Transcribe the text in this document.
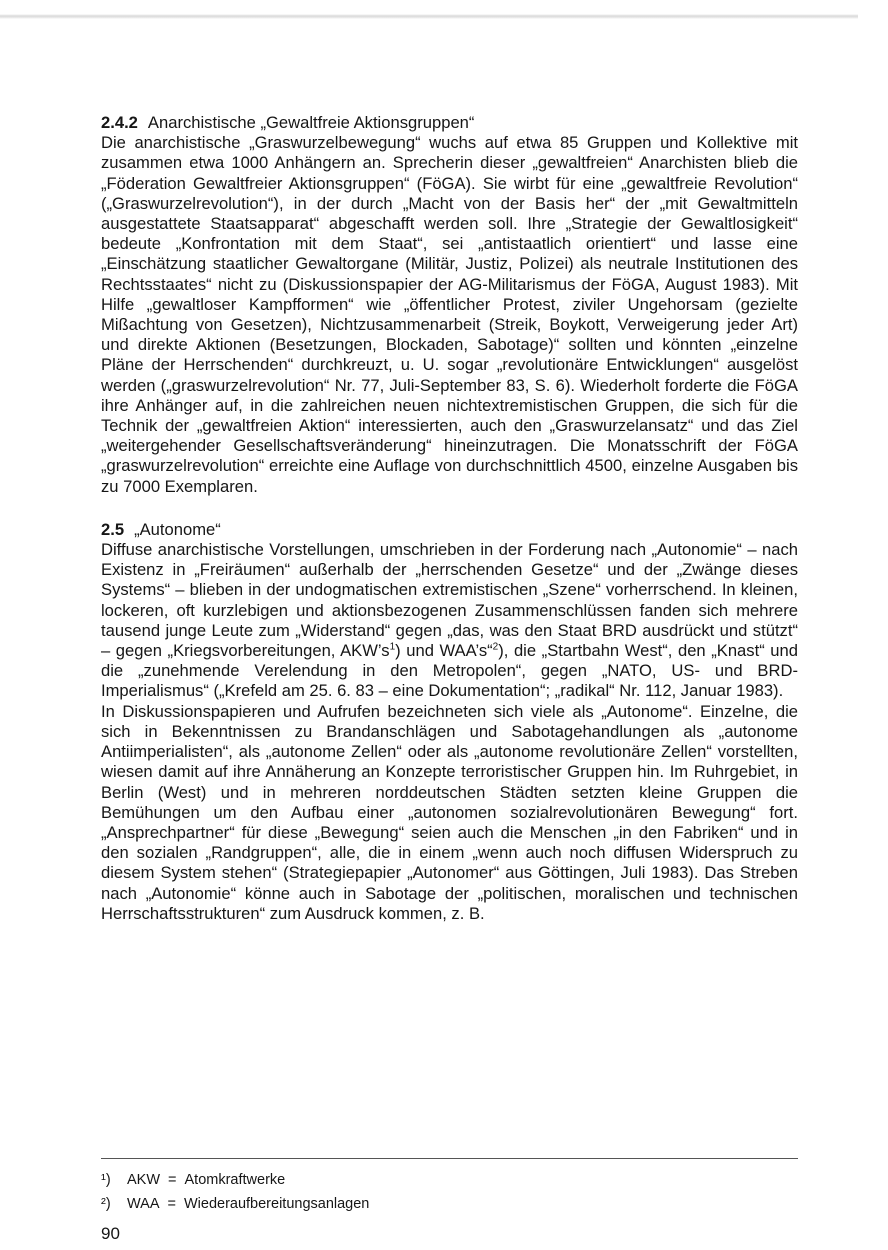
2.4.2 Anarchistische „Gewaltfreie Aktionsgruppen“

Die anarchistische „Graswurzelbewegung“ wuchs auf etwa 85 Gruppen und Kollektive mit zusammen etwa 1000 Anhängern an. Sprecherin dieser „gewaltfreien“ Anarchisten blieb die „Föderation Gewaltfreier Aktionsgruppen“ (FöGA). Sie wirbt für eine „gewaltfreie Revolution“ („Graswurzelrevolution“), in der durch „Macht von der Basis her“ der „mit Gewaltmitteln ausgestattete Staatsapparat“ abgeschafft werden soll. Ihre „Strategie der Gewaltlosigkeit“ bedeute „Konfrontation mit dem Staat“, sei „antistaatlich orientiert“ und lasse eine „Einschätzung staatlicher Gewaltorgane (Militär, Justiz, Polizei) als neutrale Institutionen des Rechtsstaates“ nicht zu (Diskussionspapier der AG-Militarismus der FöGA, August 1983). Mit Hilfe „gewaltloser Kampfformen“ wie „öffentlicher Protest, ziviler Ungehorsam (gezielte Mißachtung von Gesetzen), Nichtzusammenarbeit (Streik, Boykott, Verweigerung jeder Art) und direkte Aktionen (Besetzungen, Blockaden, Sabotage)“ sollten und könnten „einzelne Pläne der Herrschenden“ durchkreuzt, u. U. sogar „revolutionäre Entwicklungen“ ausgelöst werden („graswurzelrevolution“ Nr. 77, Juli-September 83, S. 6). Wiederholt forderte die FöGA ihre Anhänger auf, in die zahlreichen neuen nichtextremistischen Gruppen, die sich für die Technik der „gewaltfreien Aktion“ interessierten, auch den „Graswurzelansatz“ und das Ziel „weitergehender Gesellschaftsveränderung“ hineinzutragen. Die Monatsschrift der FöGA „graswurzelrevolution“ erreichte eine Auflage von durchschnittlich 4500, einzelne Ausgaben bis zu 7000 Exemplaren.

2.5 „Autonome“

Diffuse anarchistische Vorstellungen, umschrieben in der Forderung nach „Autonomie“ – nach Existenz in „Freiräumen“ außerhalb der „herrschenden Gesetze“ und der „Zwänge dieses Systems“ – blieben in der undogmatischen extremistischen „Szene“ vorherrschend. In kleinen, lockeren, oft kurzlebigen und aktionsbezogenen Zusammenschlüssen fanden sich mehrere tausend junge Leute zum „Widerstand“ gegen „das, was den Staat BRD ausdrückt und stützt“ – gegen „Kriegsvorbereitungen, $AKW’s^1$) und WAA’s“$^2$), die „Startbahn West“, den „Knast“ und die „zunehmende Verelendung in den Metropolen“, gegen „NATO, US- und BRD-Imperialismus“ („Krefeld am 25. 6. 83 – eine Dokumentation“; „radikal“ Nr. 112, Januar 1983).

In Diskussionspapieren und Aufrufen bezeichneten sich viele als „Autonome“. Einzelne, die sich in Bekenntnissen zu Brandanschlägen und Sabotagehandlungen als „autonome Antiimperialisten“, als „autonome Zellen“ oder als „autonome revolutionäre Zellen“ vorstellten, wiesen damit auf ihre Annäherung an Konzepte terroristischer Gruppen hin. Im Ruhrgebiet, in Berlin (West) und in mehreren norddeutschen Städten setzten kleine Gruppen die Bemühungen um den Aufbau einer „autonomen sozialrevolutionären Bewegung“ fort. „Ansprechpartner“ für diese „Bewegung“ seien auch die Menschen „in den Fabriken“ und in den sozialen „Randgruppen“, alle, die in einem „wenn auch noch diffusen Widerspruch zu diesem System stehen“ (Strategiepapier „Autonomer“ aus Göttingen, Juli 1983). Das Streben nach „Autonomie“ könne auch in Sabotage der „politischen, moralischen und technischen Herrschaftsstrukturen“ zum Ausdruck kommen, z. B.

¹)	AKW = Atomkraftwerke
²)	WAA = Wiederaufbereitungsanlagen
90
